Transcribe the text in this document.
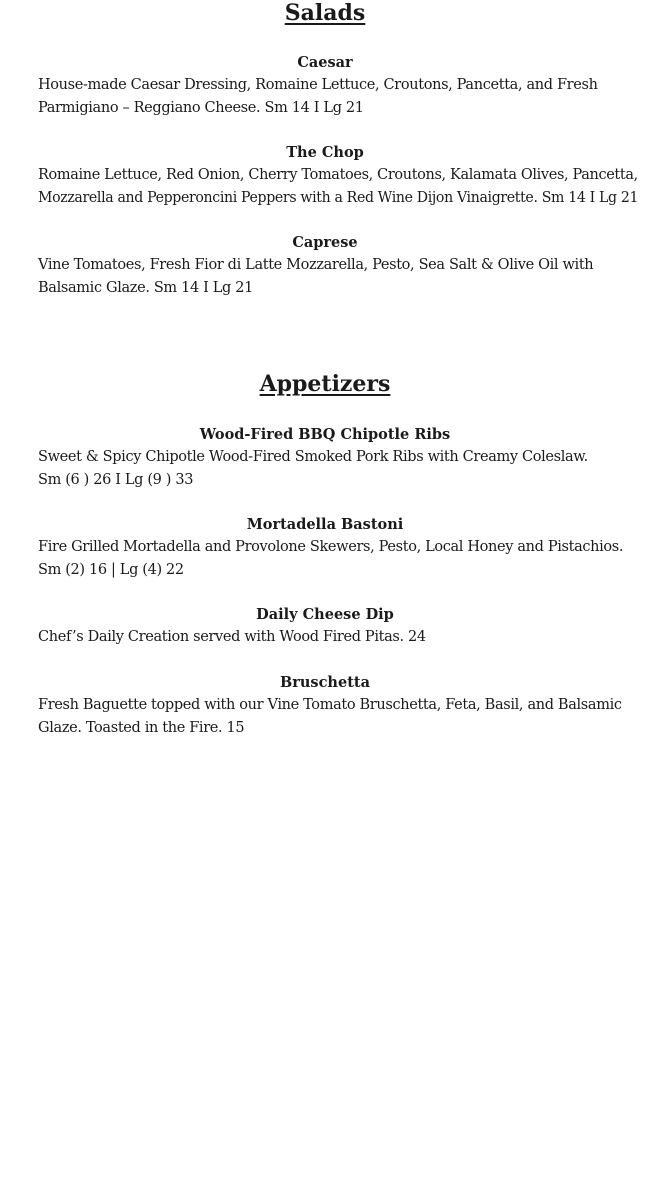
Salads
Caesar

House-made Caesar Dressing, Romaine Lettuce, Croutons, Pancetta, and Fresh
Parmigiano – Reggiano Cheese. Sm 14 I Lg 21

The Chop

Romaine Lettuce, Red Onion, Cherry Tomatoes, Croutons, Kalamata Olives, Pancetta,
Mozzarella and Pepperoncini Peppers with a Red Wine Dijon Vinaigrette. Sm 14 I Lg 21

Caprese

Vine Tomatoes, Fresh Fior di Latte Mozzarella, Pesto, Sea Salt & Olive Oil with
Balsamic Glaze. Sm 14 I Lg 21

Appetizers
Wood-Fired BBQ Chipotle Ribs

Sweet & Spicy Chipotle Wood-Fired Smoked Pork Ribs with Creamy Coleslaw.
Sm (6 ) 26 I Lg (9 ) 33

Mortadella Bastoni

Fire Grilled Mortadella and Provolone Skewers, Pesto, Local Honey and Pistachios.
Sm (2) 16 | Lg (4) 22

Daily Cheese Dip

Chef’s Daily Creation served with Wood Fired Pitas. 24

Bruschetta

Fresh Baguette topped with our Vine Tomato Bruschetta, Feta, Basil, and Balsamic
Glaze. Toasted in the Fire. 15
